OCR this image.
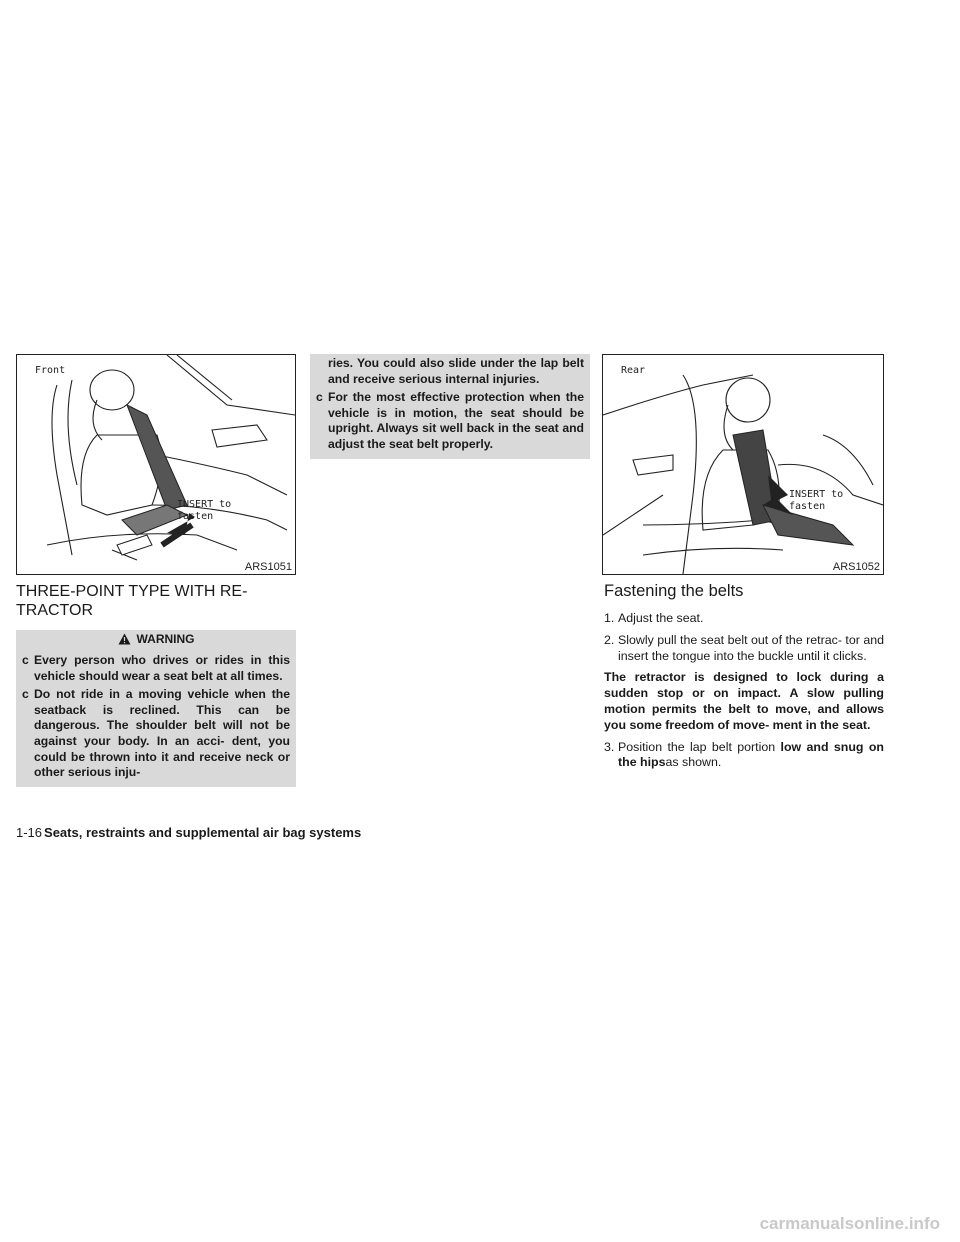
Front
INSERT to
fasten
ARS1051
Rear
INSERT to
fasten
ARS1052
THREE-POINT TYPE WITH RE-
TRACTOR
WARNING
c Every person who drives or rides in this vehicle should wear a seat belt at all times.
c Do not ride in a moving vehicle when the seatback is reclined. This can be dangerous. The shoulder belt will not be against your body. In an acci- dent, you could be thrown into it and receive neck or other serious inju-
ries. You could also slide under the lap belt and receive serious internal injuries.
c For the most effective protection when the vehicle is in motion, the seat should be upright. Always sit well back in the seat and adjust the seat belt properly.
Fastening the belts
1. Adjust the seat.
2. Slowly pull the seat belt out of the retrac- tor and insert the tongue into the buckle until it clicks.

The retractor is designed to lock during a sudden stop or on impact. A slow pulling motion permits the belt to move, and allows you some freedom of move- ment in the seat.

3. Position the lap belt portion low and snug on the hipsas shown.
1-16 Seats, restraints and supplemental air bag systems
carmanualsonline.info
